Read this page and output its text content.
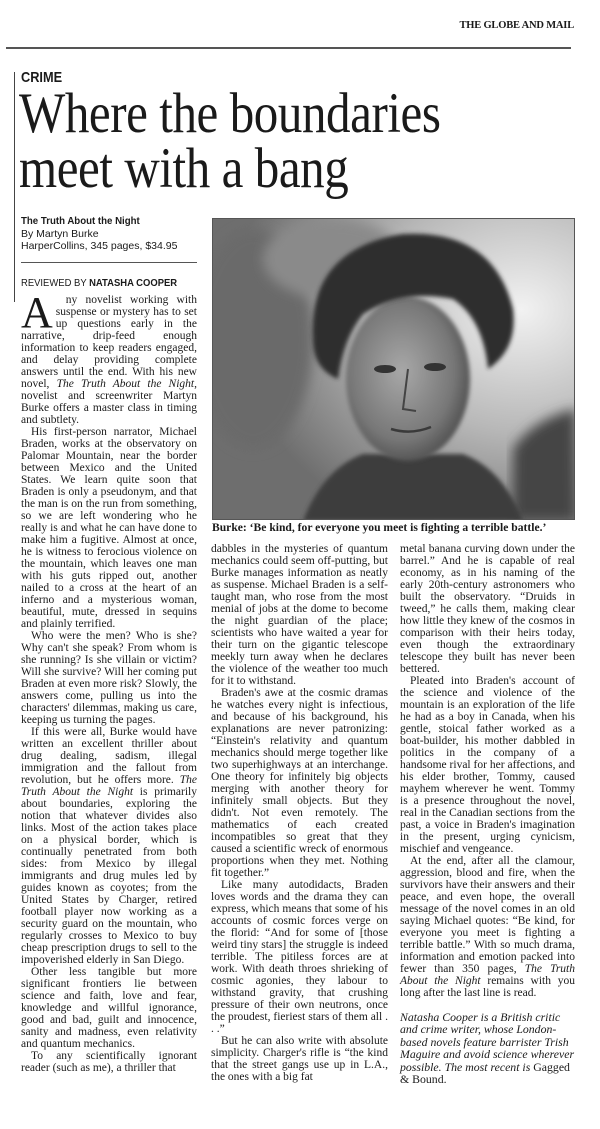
THE GLOBE AND MAIL
CRIME
Where the boundaries
meet with a bang
The Truth About the Night
By Martyn Burke
HarperCollins, 345 pages, $34.95
REVIEWED BY NATASHA COOPER
Burke: ‘Be kind, for everyone you meet is fighting a terrible battle.’

A ny novelist working with suspense or mystery has to set up questions early in the narrative, drip-feed enough information to keep readers engaged, and delay providing complete answers until the end. With his new novel, The Truth About the Night, novelist and screenwriter Martyn Burke offers a master class in timing and subtlety.

His first-person narrator, Michael Braden, works at the observatory on Palomar Mountain, near the border between Mexico and the United States. We learn quite soon that Braden is only a pseudonym, and that the man is on the run from something, so we are left wondering who he really is and what he can have done to make him a fugitive. Almost at once, he is witness to ferocious violence on the mountain, which leaves one man with his guts ripped out, another nailed to a cross at the heart of an inferno and a mysterious woman, beautiful, mute, dressed in sequins and plainly terrified.

Who were the men? Who is she? Why can't she speak? From whom is she running? Is she villain or victim? Will she survive? Will her coming put Braden at even more risk? Slowly, the answers come, pulling us into the characters' dilemmas, making us care, keeping us turning the pages.

If this were all, Burke would have written an excellent thriller about drug dealing, sadism, illegal immigration and the fallout from revolution, but he offers more. The Truth About the Night is primarily about boundaries, exploring the notion that whatever divides also links. Most of the action takes place on a physical border, which is continually penetrated from both sides: from Mexico by illegal immigrants and drug mules led by guides known as coyotes; from the United States by Charger, retired football player now working as a security guard on the mountain, who regularly crosses to Mexico to buy cheap prescription drugs to sell to the impoverished elderly in San Diego.

Other less tangible but more significant frontiers lie between science and faith, love and fear, knowledge and willful ignorance, good and bad, guilt and innocence, sanity and madness, even relativity and quantum mechanics.

To any scientifically ignorant reader (such as me), a thriller that

dabbles in the mysteries of quantum mechanics could seem off-putting, but Burke manages information as neatly as suspense. Michael Braden is a self-taught man, who rose from the most menial of jobs at the dome to become the night guardian of the place; scientists who have waited a year for their turn on the gigantic telescope meekly turn away when he declares the violence of the weather too much for it to withstand.

Braden's awe at the cosmic dramas he watches every night is infectious, and because of his background, his explanations are never patronizing: “Einstein's relativity and quantum mechanics should merge together like two superhighways at an interchange. One theory for infinitely big objects merging with another theory for infinitely small objects. But they didn't. Not even remotely. The mathematics of each created incompatibles so great that they caused a scientific wreck of enormous proportions when they met. Nothing fit together.”

Like many autodidacts, Braden loves words and the drama they can express, which means that some of his accounts of cosmic forces verge on the florid: “And for some of [those weird tiny stars] the struggle is indeed terrible. The pitiless forces are at work. With death throes shrieking of cosmic agonies, they labour to withstand gravity, that crushing pressure of their own neutrons, once the proudest, fieriest stars of them all . . .”

But he can also write with absolute simplicity. Charger's rifle is “the kind that the street gangs use up in L.A., the ones with a big fat

metal banana curving down under the barrel.” And he is capable of real economy, as in his naming of the early 20th-century astronomers who built the observatory. “Druids in tweed,” he calls them, making clear how little they knew of the cosmos in comparison with their heirs today, even though the extraordinary telescope they built has never been bettered.

Pleated into Braden's account of the science and violence of the mountain is an exploration of the life he had as a boy in Canada, when his gentle, stoical father worked as a boat-builder, his mother dabbled in politics in the company of a handsome rival for her affections, and his elder brother, Tommy, caused mayhem wherever he went. Tommy is a presence throughout the novel, real in the Canadian sections from the past, a voice in Braden's imagination in the present, urging cynicism, mischief and vengeance.

At the end, after all the clamour, aggression, blood and fire, when the survivors have their answers and their peace, and even hope, the overall message of the novel comes in an old saying Michael quotes: “Be kind, for everyone you meet is fighting a terrible battle.” With so much drama, information and emotion packed into fewer than 350 pages, The Truth About the Night remains with you long after the last line is read.

Natasha Cooper is a British critic and crime writer, whose London-based novels feature barrister Trish Maguire and avoid science wherever possible. The most recent is Gagged & Bound.
